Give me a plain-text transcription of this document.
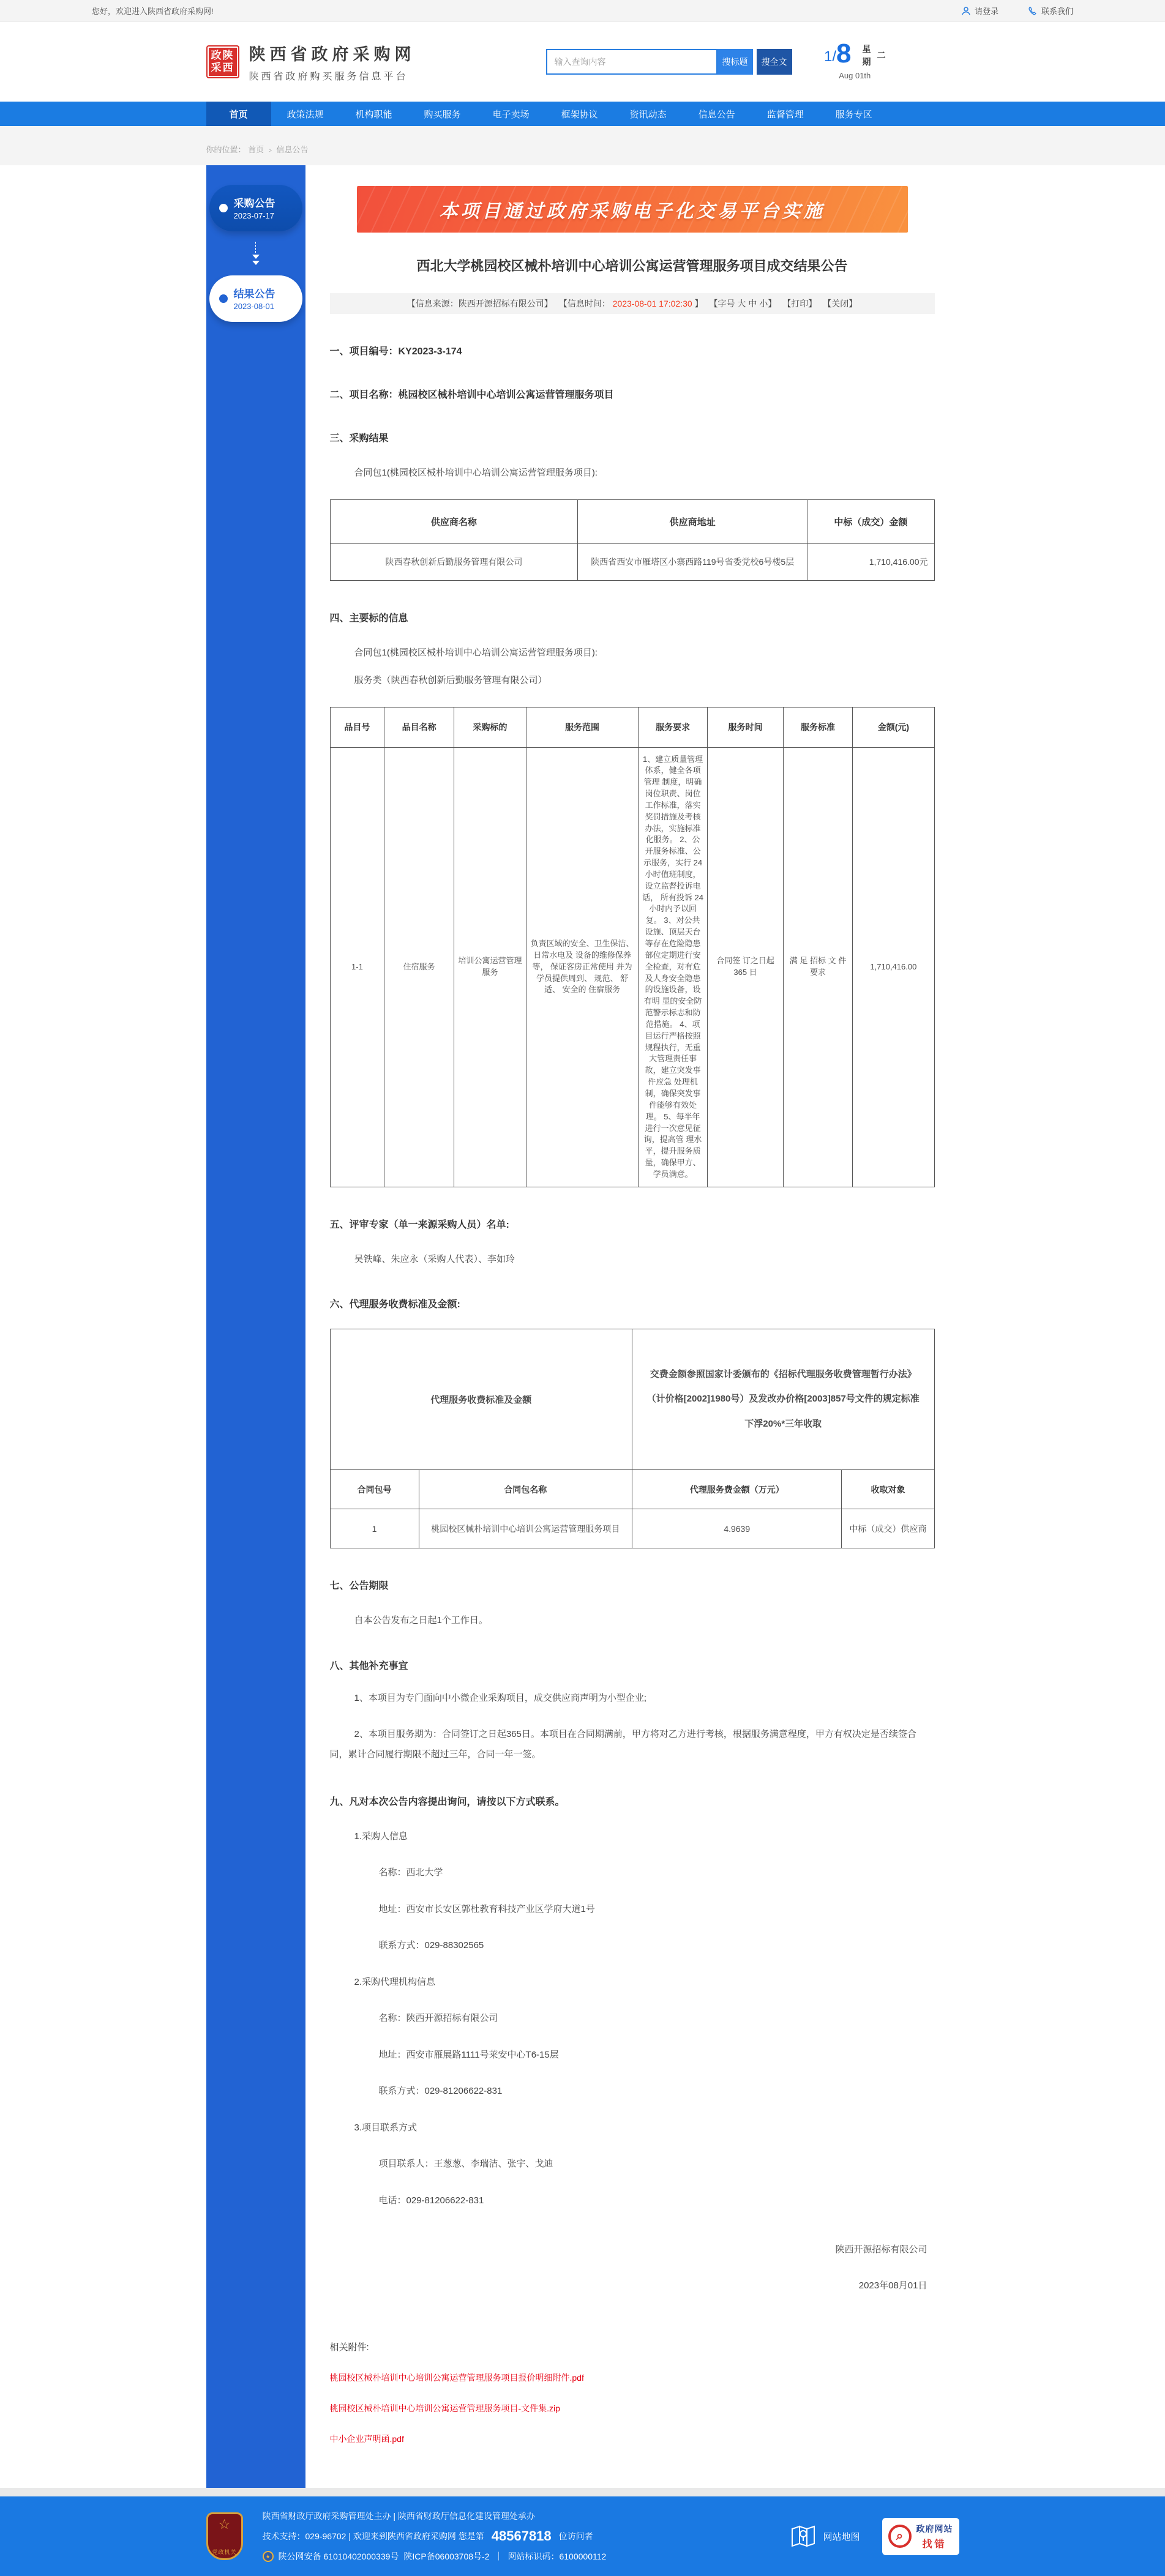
您好，欢迎进入陕西省政府采购网!	请登录	联系我们
政陕
采西
陕西省政府采购网
陕西省政府购买服务信息平台
输入查询内容
搜标题	搜全文	1/ 8 星期
二
Aug 01th
首页	政策法规	机构职能	购买服务	电子卖场	框架协议	资讯动态	信息公告	监督管理	服务专区
你的位置： 首页 ﹥ 信息公告
采购公告
2023-07-17
结果公告
2023-08-01
本项目通过政府采购电子化交易平台实施
西北大学桃园校区械朴培训中心培训公寓运营管理服务项目成交结果公告
【信息来源：陕西开源招标有限公司】 【信息时间： 2023-08-01 17:02:30 】 【字号 大 中 小】 【打印】 【关闭】
一、项目编号：KY2023-3-174
二、项目名称：桃园校区械朴培训中心培训公寓运营管理服务项目
三、采购结果
合同包1(桃园校区械朴培训中心培训公寓运营管理服务项目):
供应商名称	供应商地址	中标（成交）金额
陕西春秋创新后勤服务管理有限公司	陕西省西安市雁塔区小寨西路119号省委党校6号楼5层	1,710,416.00元
四、主要标的信息
合同包1(桃园校区械朴培训中心培训公寓运营管理服务项目):
服务类（陕西春秋创新后勤服务管理有限公司）
品目号	品目名称	采购标的	服务范围	服务要求	服务时间	服务标准	金额(元)
1-1	住宿服务	培训公寓运营管理服务	负责区域的安全、卫生保洁、日常水电及 设备的维修保养等， 保证客房正常使用 并为学员提供周到、 规范、 舒适、 安全的 住宿服务	1、建立质量管理体系，健全各项管理 制度，明确岗位职责、岗位工作标准，落实奖罚措施及考核办法，实施标准 化服务。 2、公开服务标准、公示服务，实行 24 小时值班制度，设立监督投诉电话， 所有投诉 24 小时内予以回复。 3、对公共设施、顶层天台等存在危险隐患部位定期进行安全检查，对有危及人身安全隐患的设施设备，设有明 显的安全防范警示标志和防范措施。 4、项目运行严格按照规程执行，无重 大管理责任事故，建立突发事件应急 处理机制，确保突发事件能够有效处理。 5、每半年进行一次意见征询，提高管 理水平，提升服务质量，确保甲方、 学员满意。	合同签 订之日起 365 日	满 足 招标 文 件 要求	1,710,416.00
五、评审专家（单一来源采购人员）名单:
吴铁峰、朱应永（采购人代表）、李如玲
六、代理服务收费标准及金额:
代理服务收费标准及金额		交费金额参照国家计委颁布的《招标代理服务收费管理暂行办法》（计价格[2002]1980号）及发改办价格[2003]857号文件的规定标准下浮20%*三年收取	
合同包号	合同包名称	代理服务费金额（万元）	收取对象
1	桃园校区械朴培训中心培训公寓运营管理服务项目	4.9639	中标（成交）供应商
七、公告期限
自本公告发布之日起1个工作日。
八、其他补充事宜
1、本项目为专门面向中小微企业采购项目，成交供应商声明为小型企业;
2、本项目服务期为：合同签订之日起365日。本项目在合同期满前，甲方将对乙方进行考核，根据服务满意程度，甲方有权决定是否续签合同，累计合同履行期限不超过三年，合同一年一签。
九、凡对本次公告内容提出询问，请按以下方式联系。
1.采购人信息
名称：西北大学
地址：西安市长安区郭杜教育科技产业区学府大道1号
联系方式：029-88302565
2.采购代理机构信息
名称：陕西开源招标有限公司
地址：西安市雁展路1111号莱安中心T6-15层
联系方式：029-81206622-831
3.项目联系方式
项目联系人：王葱葱、李瑞洁、张宇、戈迪
电话：029-81206622-831
陕西开源招标有限公司
2023年08月01日
相关附件:
桃园校区械朴培训中心培训公寓运营管理服务项目报价明细附件.pdf
桃园校区械朴培训中心培训公寓运营管理服务项目-文件集.zip
中小企业声明函.pdf
☆
党政机关
陕西省财政厅政府采购管理处主办 | 陕西省财政厅信息化建设管理处承办
技术支持：029-96702 | 欢迎来到陕西省政府采购网 您是第 48567818 位访问者
★ 陕公网安备 61010402000339号 陕ICP备06003708号-2 ｜ 网站标识码：6100000112
网站地图	⌕
政府网站
找错
